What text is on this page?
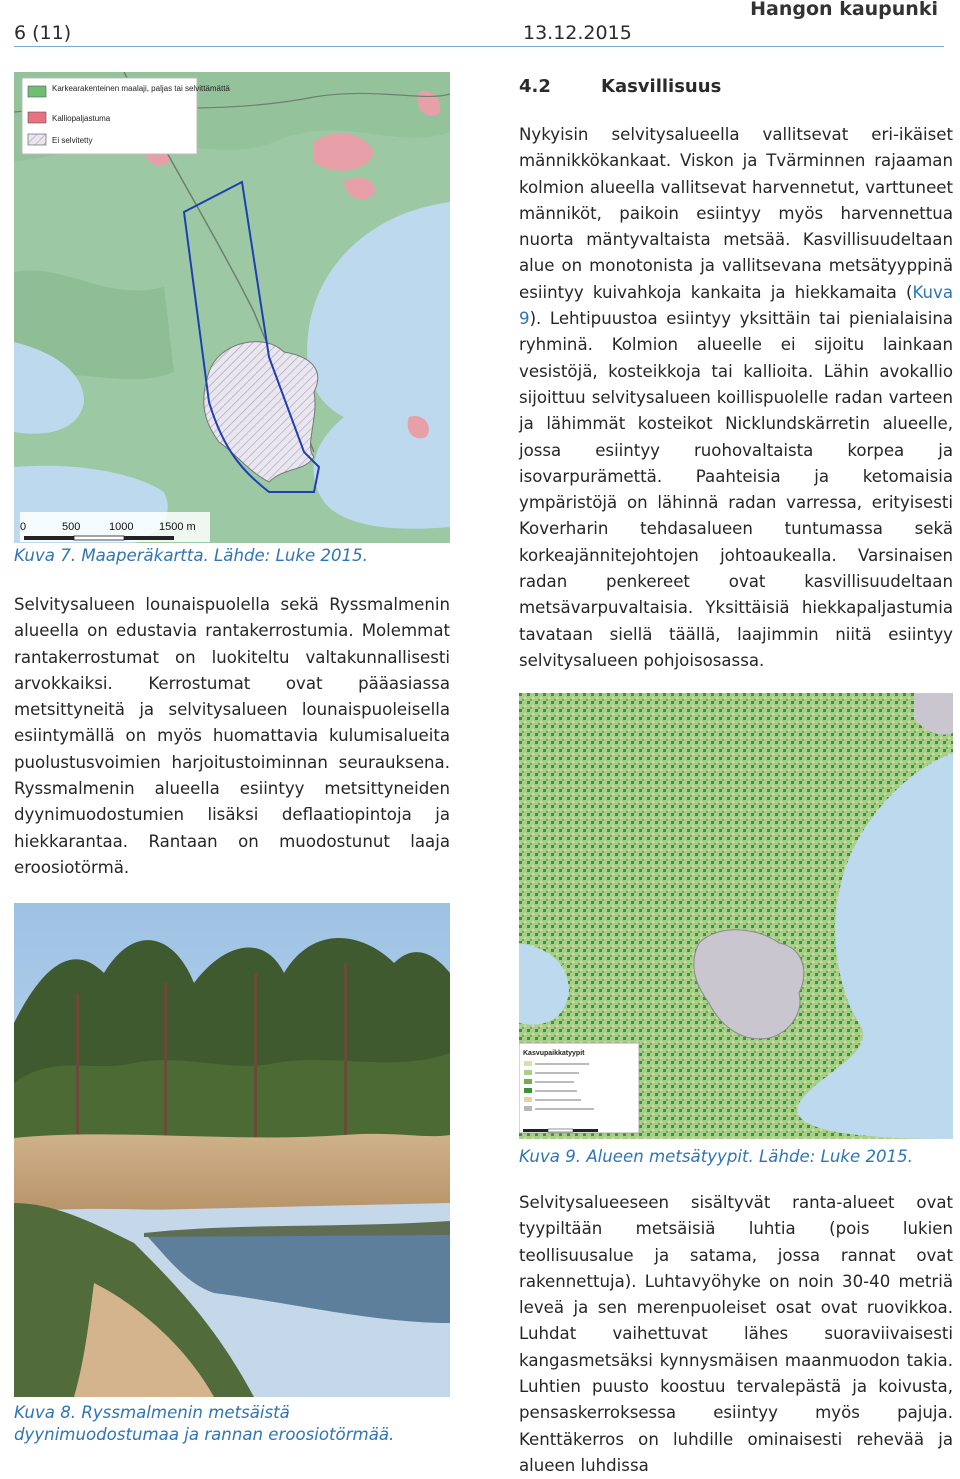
6 (11)	13.12.2015
Hangon kaupunki
Karkearakenteinen maalaji, paljas tai selvittämättä
Kalliopaljastuma
Ei selvitetty
0	500	1000 1500 m

Kuva 7. Maaperäkartta. Lähde: Luke 2015.

Selvitysalueen lounaispuolella sekä Ryssmalmenin alueella on edustavia rantakerrostumia. Molemmat rantakerrostumat on luokiteltu valtakunnallisesti arvokkaiksi. Kerrostumat ovat pääasiassa metsittyneitä ja selvitysalueen lounaispuoleisella esiintymällä on myös huomattavia kulumisalueita puolustusvoimien harjoitustoiminnan seurauksena. Ryssmalmenin alueella esiintyy metsittyneiden dyynimuodostumien lisäksi deflaatiopintoja ja hiekkarantaa. Rantaan on muodostunut laaja eroosiotörmä.

Kuva 8. Ryssmalmenin metsäistä dyynimuodostumaa ja rannan eroosiotörmää.

4.2	Kasvillisuus

Nykyisin selvitysalueella vallitsevat eri-ikäiset männikkökankaat. Viskon ja Tvärminnen rajaaman kolmion alueella vallitsevat harvennetut, varttuneet männiköt, paikoin esiintyy myös harvennettua nuorta mäntyvaltaista metsää. Kasvillisuudeltaan alue on monotonista ja vallitsevana metsätyyppinä esiintyy kuivahkoja kankaita ja hiekkamaita (Kuva 9). Lehtipuustoa esiintyy yksittäin tai pienialaisina ryhminä. Kolmion alueelle ei sijoitu lainkaan vesistöjä, kosteikkoja tai kallioita. Lähin avokallio sijoittuu selvitysalueen koillispuolelle radan varteen ja lähimmät kosteikot Nicklundskärretin alueelle, jossa esiintyy ruohovaltaista korpea ja isovarpurämettä. Paahteisia ja ketomaisia ympäristöjä on lähinnä radan varressa, erityisesti Koverharin tehdasalueen tuntumassa sekä korkeajännitejohtojen johtoaukealla. Varsinaisen radan penkereet ovat kasvillisuudeltaan metsävarpuvaltaisia. Yksittäisiä hiekkapaljastumia tavataan siellä täällä, laajimmin niitä esiintyy selvitysalueen pohjoisosassa.

Kasvupaikkatyypit

Kuva 9. Alueen metsätyypit. Lähde: Luke 2015.

Selvitysalueeseen sisältyvät ranta-alueet ovat tyypiltään metsäisiä luhtia (pois lukien teollisuusalue ja satama, jossa rannat ovat rakennettuja). Luhtavyöhyke on noin 30-40 metriä leveä ja sen merenpuoleiset osat ovat ruovikkoa. Luhdat vaihettuvat lähes suoraviivaisesti kangasmetsäksi kynnysmäisen maanmuodon takia. Luhtien puusto koostuu tervalepästä ja koivusta, pensaskerroksessa esiintyy myös pajuja. Kenttäkerros on luhdille ominaisesti rehevää ja alueen luhdissa
